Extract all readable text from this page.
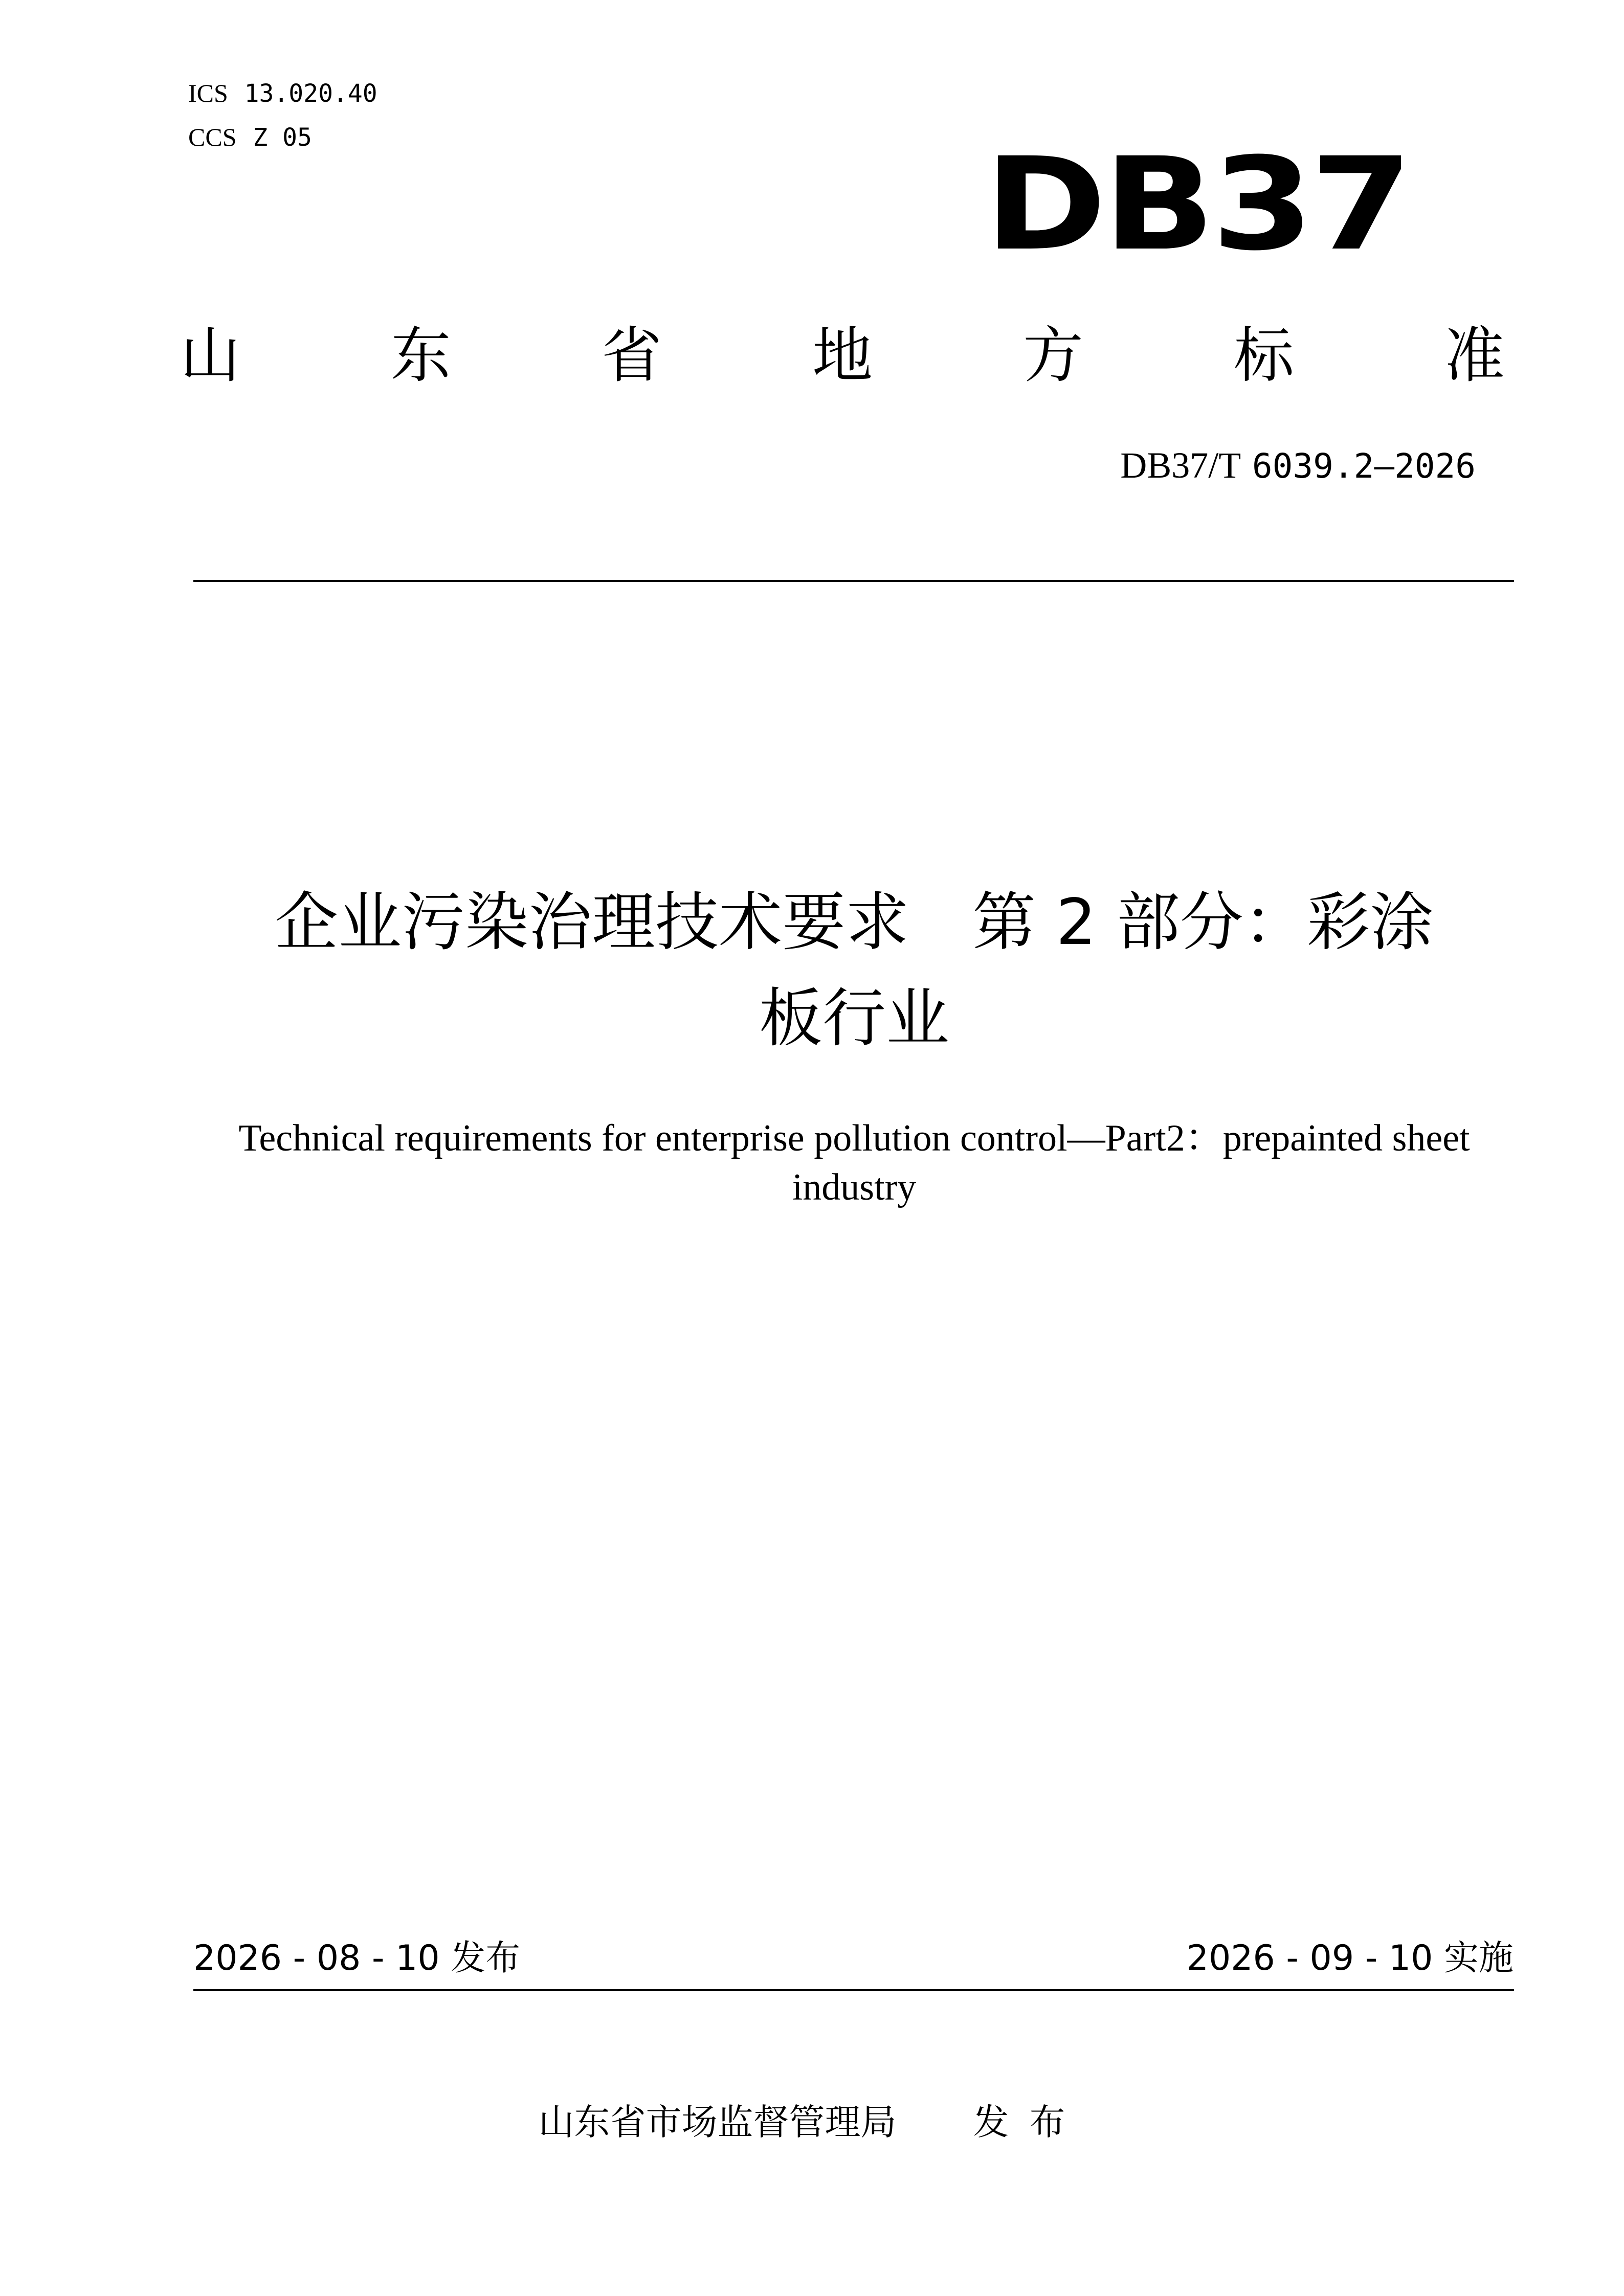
ICS 13.020.40
CCS Z 05	DB37
山 东 省 地 方 标 准
DB37/T 6039.2—2026
企业污染治理技术要求　第 2 部分：彩涂
板行业
Technical requirements for enterprise pollution control—Part2：prepainted sheet
industry
2026 - 08 - 10 发布	2026 - 09 - 10 实施
山东省市场监督管理局 发布
